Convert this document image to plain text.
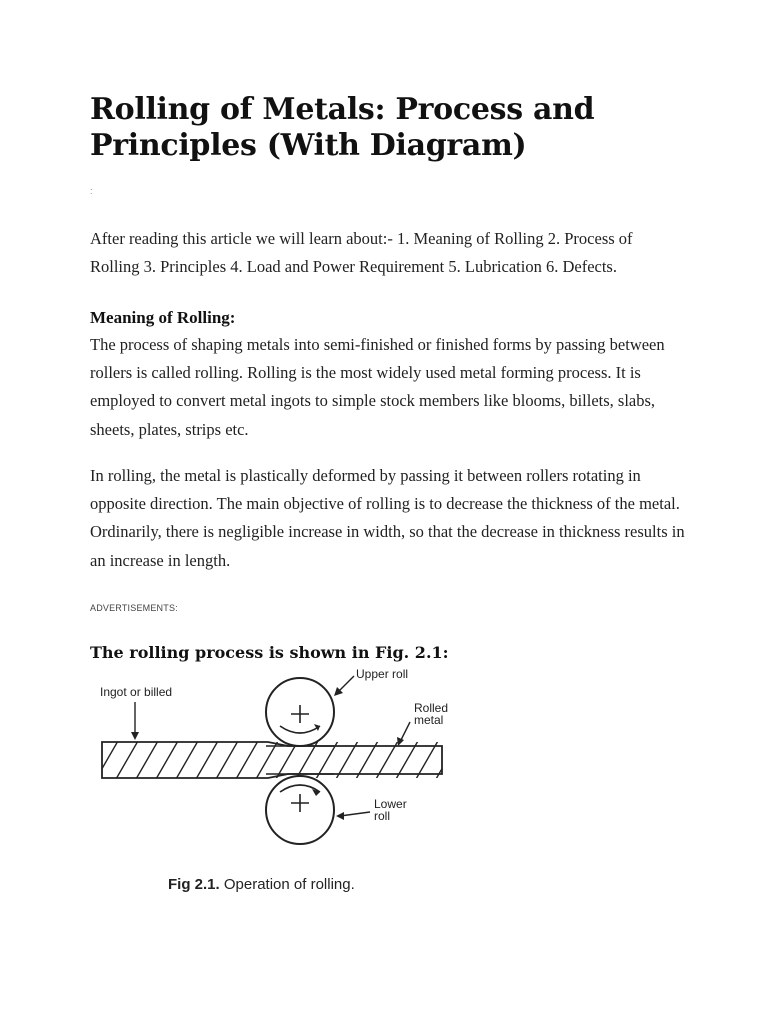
Rolling of Metals: Process and Principles (With Diagram)
:

After reading this article we will learn about:- 1. Meaning of Rolling 2. Process of Rolling 3. Principles 4. Load and Power Requirement 5. Lubrication 6. Defects.

Meaning of Rolling:

The process of shaping metals into semi-finished or finished forms by passing between rollers is called rolling. Rolling is the most widely used metal forming process. It is employed to convert metal ingots to simple stock members like blooms, billets, slabs, sheets, plates, strips etc.

In rolling, the metal is plastically deformed by passing it between rollers rotating in opposite direction. The main objective of rolling is to decrease the thickness of the metal. Ordinarily, there is negligible increase in width, so that the decrease in thickness results in an increase in length.

ADVERTISEMENTS:
The rolling process is shown in Fig. 2.1:
Ingot or billed
Upper roll
Rolled
metal
Lower
roll
Fig 2.1. Operation of rolling.
